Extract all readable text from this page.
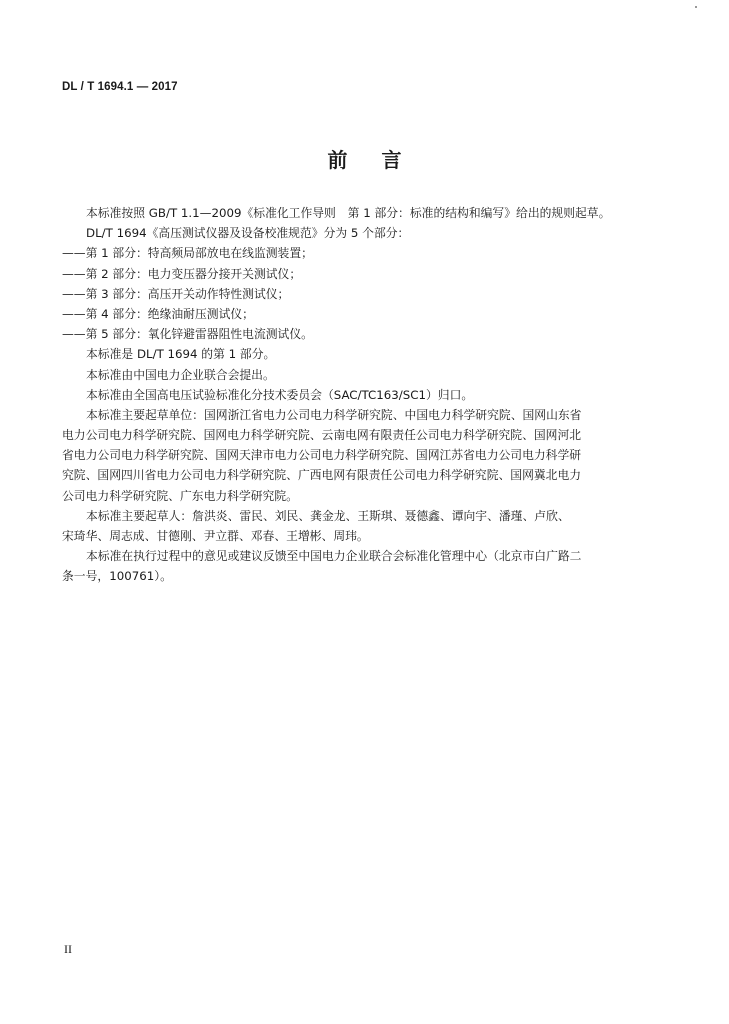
DL / T 1694.1 — 2017
前言
本标准按照 GB/T 1.1—2009《标准化工作导则　第 1 部分：标准的结构和编写》给出的规则起草。
DL/T 1694《高压测试仪器及设备校准规范》分为 5 个部分：
——第 1 部分：特高频局部放电在线监测装置；
——第 2 部分：电力变压器分接开关测试仪；
——第 3 部分：高压开关动作特性测试仪；
——第 4 部分：绝缘油耐压测试仪；
——第 5 部分：氧化锌避雷器阻性电流测试仪。
本标准是 DL/T 1694 的第 1 部分。
本标准由中国电力企业联合会提出。
本标准由全国高电压试验标准化分技术委员会（SAC/TC163/SC1）归口。
本标准主要起草单位：国网浙江省电力公司电力科学研究院、中国电力科学研究院、国网山东省
电力公司电力科学研究院、国网电力科学研究院、云南电网有限责任公司电力科学研究院、国网河北
省电力公司电力科学研究院、国网天津市电力公司电力科学研究院、国网江苏省电力公司电力科学研
究院、国网四川省电力公司电力科学研究院、广西电网有限责任公司电力科学研究院、国网冀北电力
公司电力科学研究院、广东电力科学研究院。
本标准主要起草人：詹洪炎、雷民、刘民、龚金龙、王斯琪、聂德鑫、谭向宇、潘瑾、卢欣、
宋琦华、周志成、甘德刚、尹立群、邓春、王增彬、周玮。
本标准在执行过程中的意见或建议反馈至中国电力企业联合会标准化管理中心（北京市白广路二
条一号，100761）。
II
